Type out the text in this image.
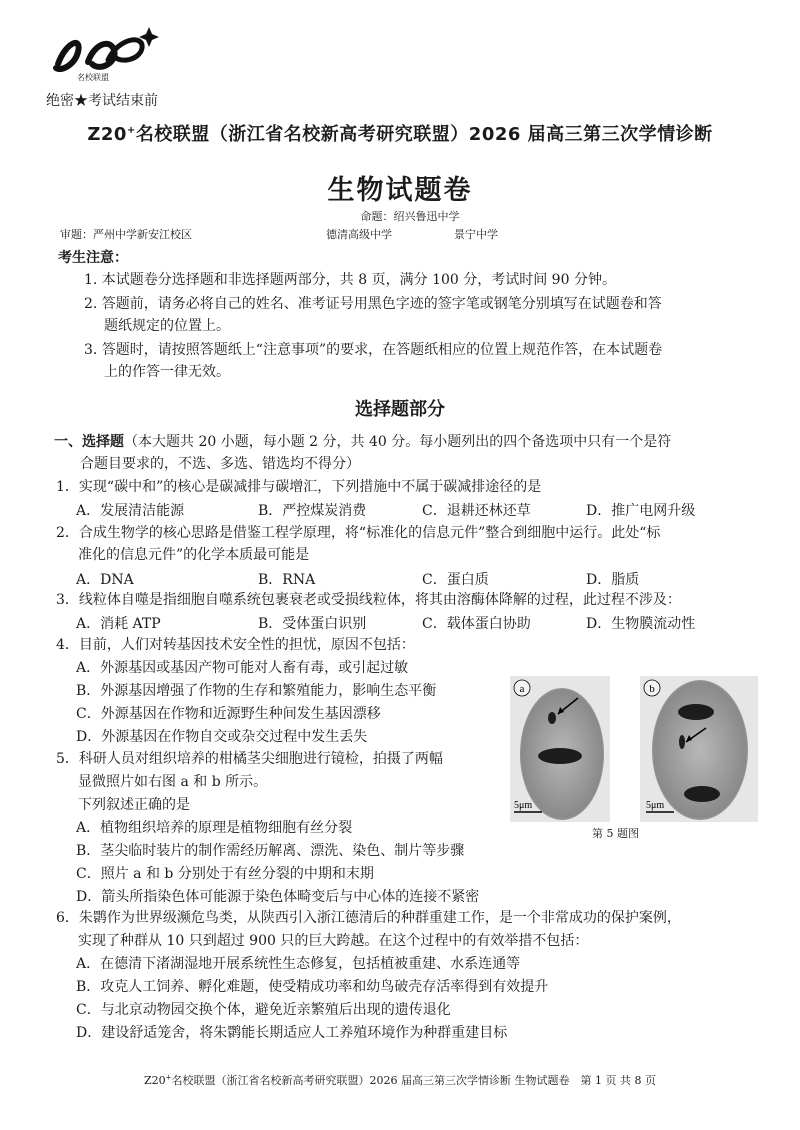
名校联盟
绝密★考试结束前
Z20+名校联盟（浙江省名校新高考研究联盟）2026 届高三第三次学情诊断
生物试题卷
命题：绍兴鲁迅中学
审题：严州中学新安江校区	德清高级中学	景宁中学
考生注意：
1. 本试题卷分选择题和非选择题两部分，共 8 页，满分 100 分，考试时间 90 分钟。
2. 答题前，请务必将自己的姓名、准考证号用黑色字迹的签字笔或钢笔分别填写在试题卷和答
题纸规定的位置上。
3. 答题时，请按照答题纸上“注意事项”的要求，在答题纸相应的位置上规范作答，在本试题卷
上的作答一律无效。
选择题部分
一、选择题（本大题共 20 小题，每小题 2 分，共 40 分。每小题列出的四个备选项中只有一个是符
合题目要求的，不选、多选、错选均不得分）
1．实现“碳中和”的核心是碳减排与碳增汇，下列措施中不属于碳减排途径的是
A．发展清洁能源	B．严控煤炭消费	C．退耕还林还草	D．推广电网升级
2．合成生物学的核心思路是借鉴工程学原理，将“标准化的信息元件”整合到细胞中运行。此处“标
准化的信息元件”的化学本质最可能是
A．DNA	B．RNA	C．蛋白质	D．脂质
3．线粒体自噬是指细胞自噬系统包裹衰老或受损线粒体，将其由溶酶体降解的过程，此过程不涉及：
A．消耗 ATP	B．受体蛋白识别	C．载体蛋白协助	D．生物膜流动性
4．目前，人们对转基因技术安全性的担忧，原因不包括：
A．外源基因或基因产物可能对人畜有毒，或引起过敏
B．外源基因增强了作物的生存和繁殖能力，影响生态平衡
C．外源基因在作物和近源野生种间发生基因漂移
D．外源基因在作物自交或杂交过程中发生丢失
5．科研人员对组织培养的柑橘茎尖细胞进行镜检，拍摄了两幅
显微照片如右图 a 和 b 所示。
下列叙述正确的是
A．植物组织培养的原理是植物细胞有丝分裂
B．茎尖临时装片的制作需经历解离、漂洗、染色、制片等步骤
C．照片 a 和 b 分别处于有丝分裂的中期和末期
D．箭头所指染色体可能源于染色体畸变后与中心体的连接不紧密
a
5μm
b
5μm
第 5 题图
6．朱鹮作为世界级濒危鸟类，从陕西引入浙江德清后的种群重建工作，是一个非常成功的保护案例，
实现了种群从 10 只到超过 900 只的巨大跨越。在这个过程中的有效举措不包括：
A．在德清下渚湖湿地开展系统性生态修复，包括植被重建、水系连通等
B．攻克人工饲养、孵化难题，使受精成功率和幼鸟破壳存活率得到有效提升
C．与北京动物园交换个体，避免近亲繁殖后出现的遗传退化
D．建设舒适笼舍，将朱鹮能长期适应人工养殖环境作为种群重建目标
Z20+名校联盟（浙江省名校新高考研究联盟）2026 届高三第三次学情诊断 生物试题卷　第 1 页 共 8 页
